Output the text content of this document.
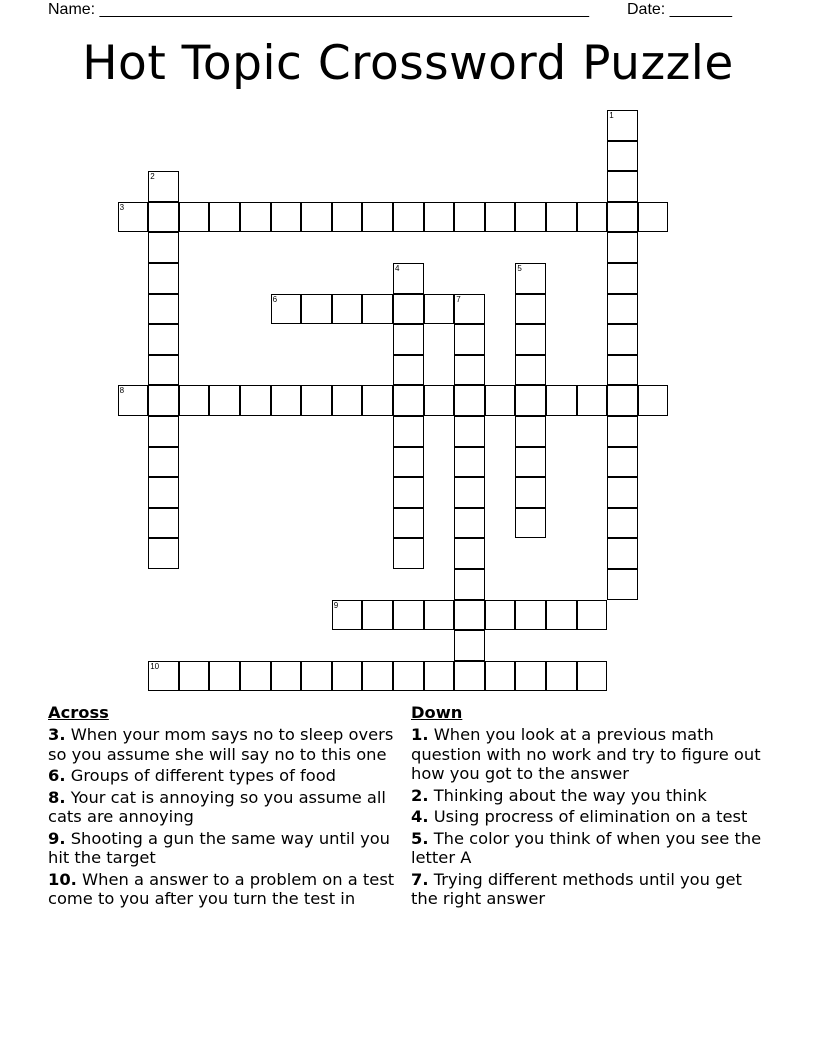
Name: _______________________________________________________ Date: _______
Hot Topic Crossword Puzzle
3
6	7
8
9
10
1
2
4	5
Across
3. When your mom says no to sleep overs so you assume she will say no to this one
6. Groups of different types of food
8. Your cat is annoying so you assume all cats are annoying
9. Shooting a gun the same way until you hit the target
10. When a answer to a problem on a test come to you after you turn the test in
Down
1. When you look at a previous math question with no work and try to figure out how you got to the answer
2. Thinking about the way you think
4. Using procress of elimination on a test
5. The color you think of when you see the letter A
7. Trying different methods until you get the right answer
